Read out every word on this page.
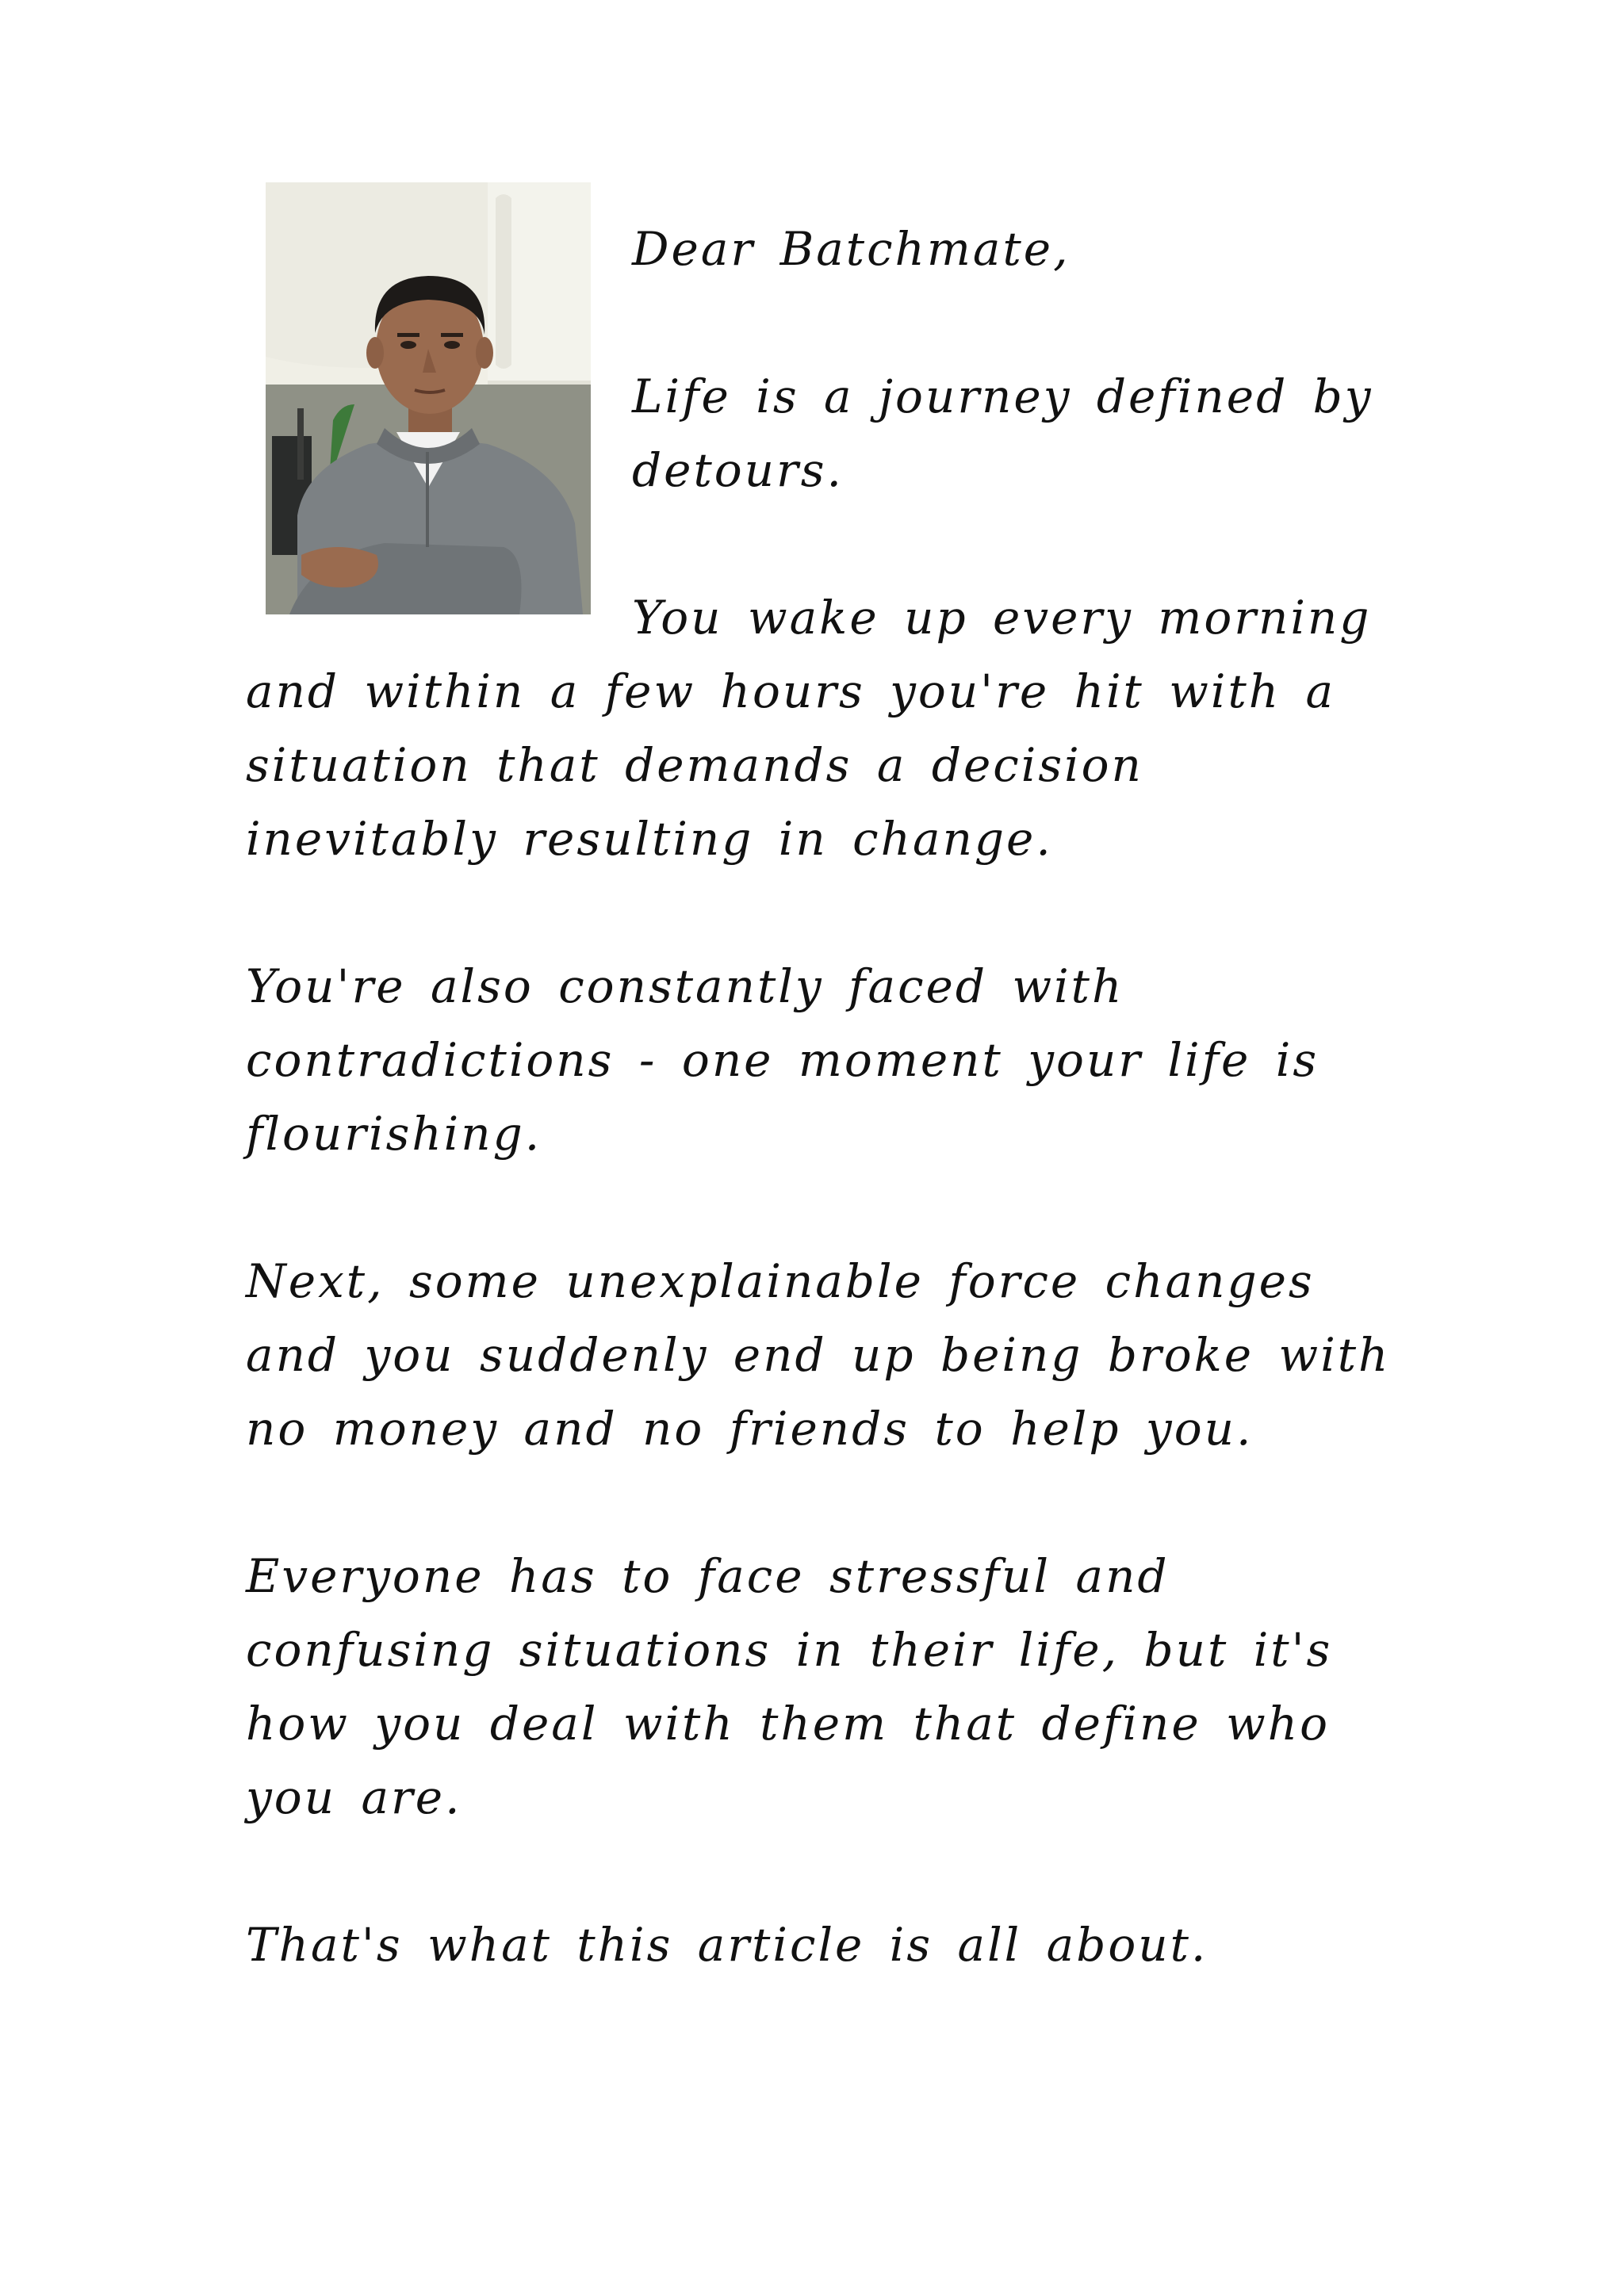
Dear Batchmate,

Life is a journey defined by detours.

You wake up every morning and within a few hours you're hit with a situation that demands a decision inevitably resulting in change.

You're also constantly faced with contradictions - one moment your life is flourishing.

Next, some unexplainable force changes and you suddenly end up being broke with no money and no friends to help you.

Everyone has to face stressful and confusing situations in their life, but it's how you deal with them that define who you are.

That's what this article is all about.
